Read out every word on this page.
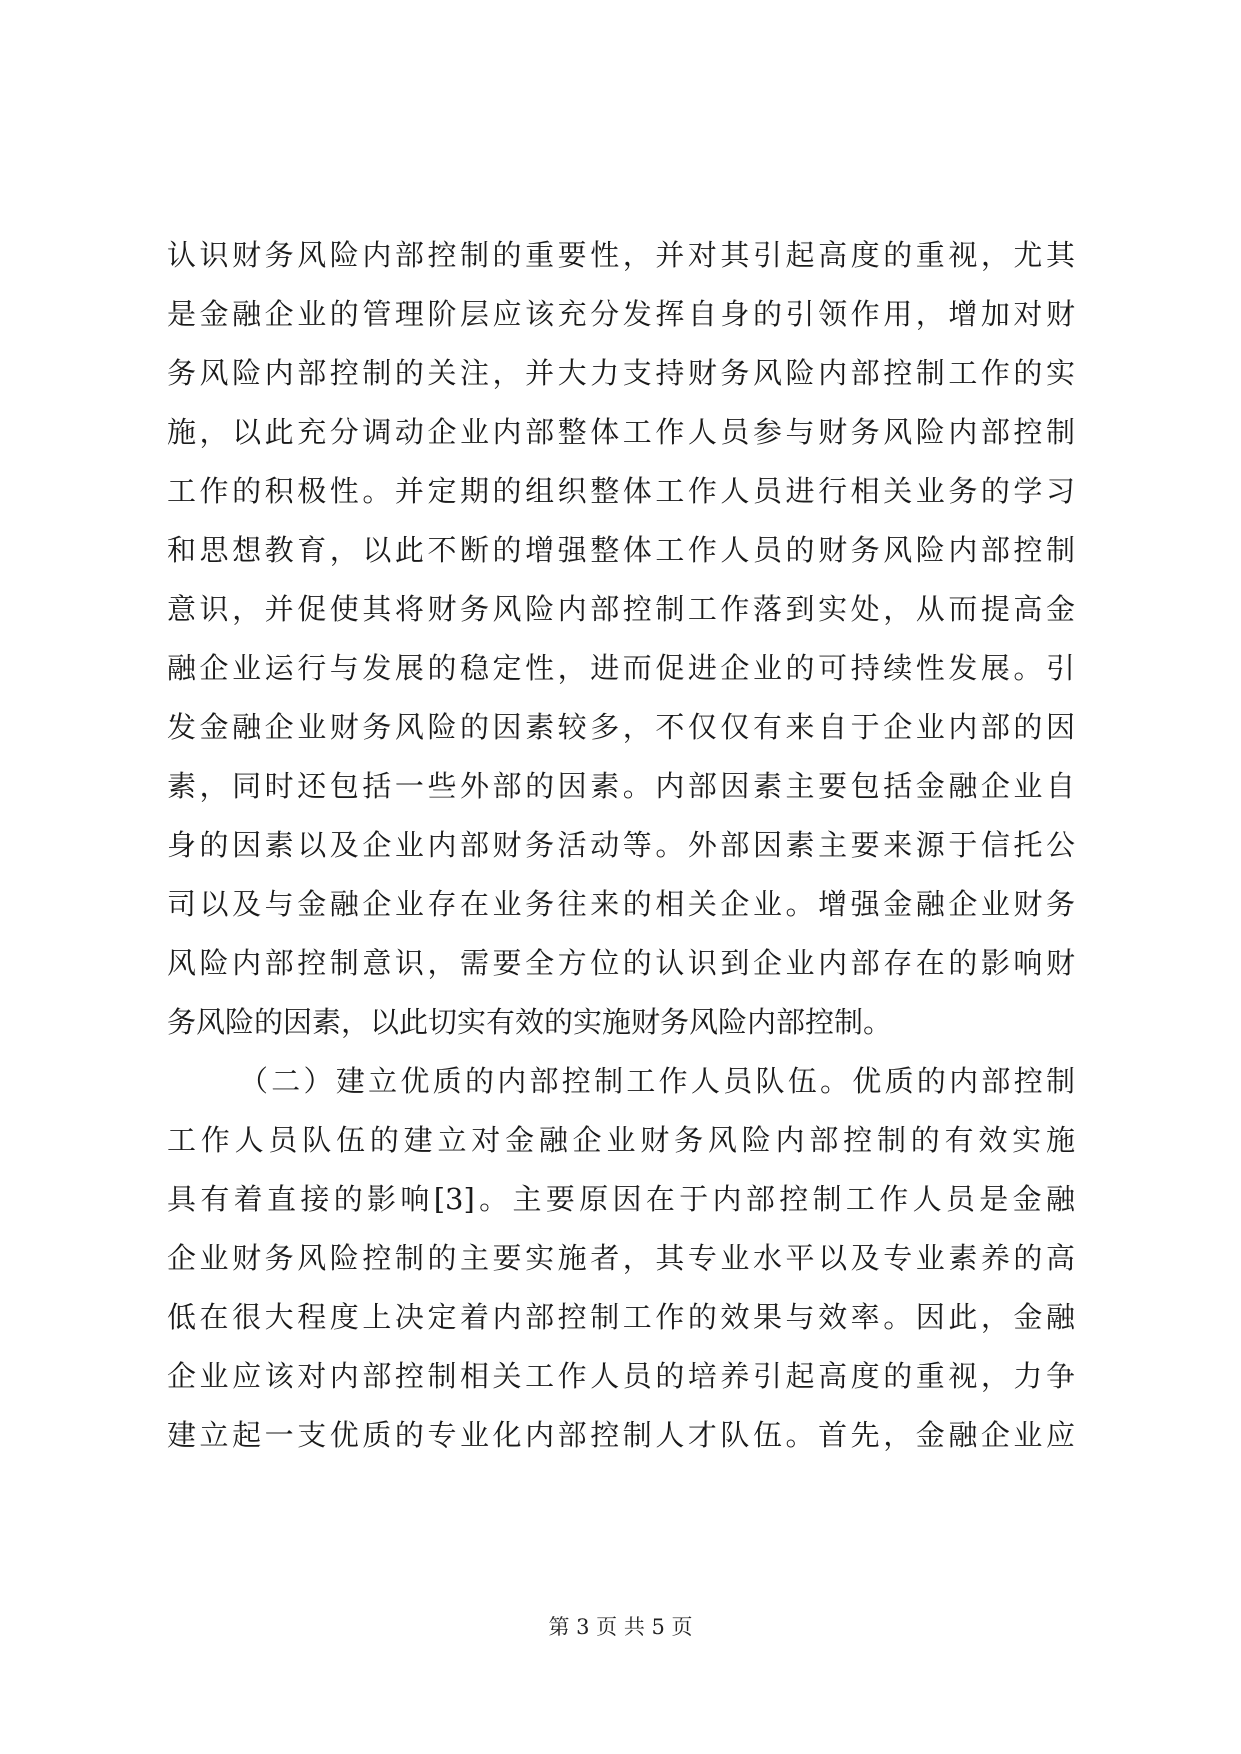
认识财务风险内部控制的重要性，并对其引起高度的重视，尤其
是金融企业的管理阶层应该充分发挥自身的引领作用，增加对财
务风险内部控制的关注，并大力支持财务风险内部控制工作的实
施，以此充分调动企业内部整体工作人员参与财务风险内部控制
工作的积极性。并定期的组织整体工作人员进行相关业务的学习
和思想教育，以此不断的增强整体工作人员的财务风险内部控制
意识，并促使其将财务风险内部控制工作落到实处，从而提高金
融企业运行与发展的稳定性，进而促进企业的可持续性发展。引
发金融企业财务风险的因素较多，不仅仅有来自于企业内部的因
素，同时还包括一些外部的因素。内部因素主要包括金融企业自
身的因素以及企业内部财务活动等。外部因素主要来源于信托公
司以及与金融企业存在业务往来的相关企业。增强金融企业财务
风险内部控制意识，需要全方位的认识到企业内部存在的影响财
务风险的因素，以此切实有效的实施财务风险内部控制。
（二）建立优质的内部控制工作人员队伍。优质的内部控制
工作人员队伍的建立对金融企业财务风险内部控制的有效实施
具有着直接的影响[3]。主要原因在于内部控制工作人员是金融
企业财务风险控制的主要实施者，其专业水平以及专业素养的高
低在很大程度上决定着内部控制工作的效果与效率。因此，金融
企业应该对内部控制相关工作人员的培养引起高度的重视，力争
建立起一支优质的专业化内部控制人才队伍。首先，金融企业应
第 3 页 共 5 页
